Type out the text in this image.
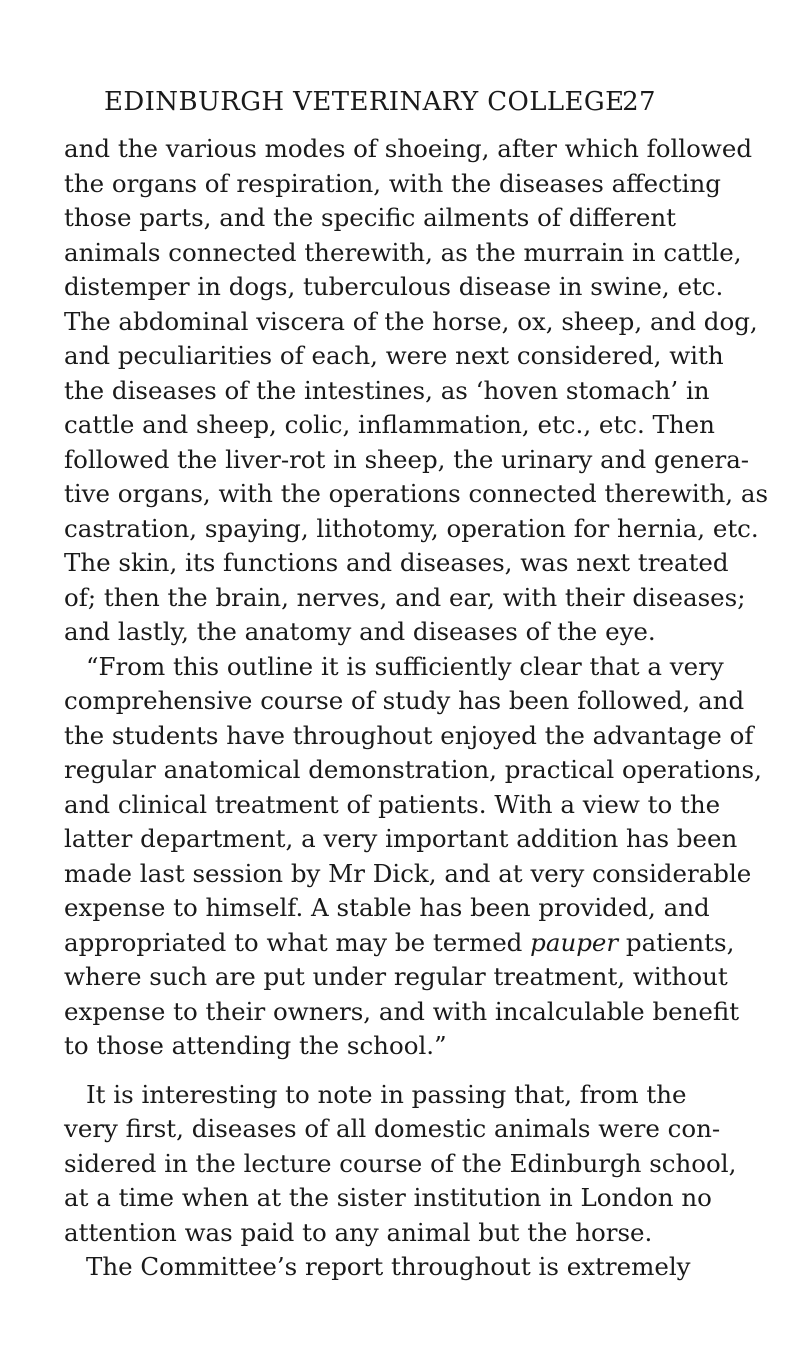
EDINBURGH VETERINARY COLLEGE
27
and the various modes of shoeing, after which followed
the organs of respiration, with the diseases affecting
those parts, and the specific ailments of different
animals connected therewith, as the murrain in cattle,
distemper in dogs, tuberculous disease in swine, etc.
The abdominal viscera of the horse, ox, sheep, and dog,
and peculiarities of each, were next considered, with
the diseases of the intestines, as ‘hoven stomach’ in
cattle and sheep, colic, inflammation, etc., etc. Then
followed the liver-rot in sheep, the urinary and genera-
tive organs, with the operations connected therewith, as
castration, spaying, lithotomy, operation for hernia, etc.
The skin, its functions and diseases, was next treated
of; then the brain, nerves, and ear, with their diseases;
and lastly, the anatomy and diseases of the eye.
“From this outline it is sufficiently clear that a very
comprehensive course of study has been followed, and
the students have throughout enjoyed the advantage of
regular anatomical demonstration, practical operations,
and clinical treatment of patients. With a view to the
latter department, a very important addition has been
made last session by Mr Dick, and at very considerable
expense to himself. A stable has been provided, and
appropriated to what may be termed pauper patients,
where such are put under regular treatment, without
expense to their owners, and with incalculable benefit
to those attending the school.”
It is interesting to note in passing that, from the
very first, diseases of all domestic animals were con-
sidered in the lecture course of the Edinburgh school,
at a time when at the sister institution in London no
attention was paid to any animal but the horse.
The Committee’s report throughout is extremely
